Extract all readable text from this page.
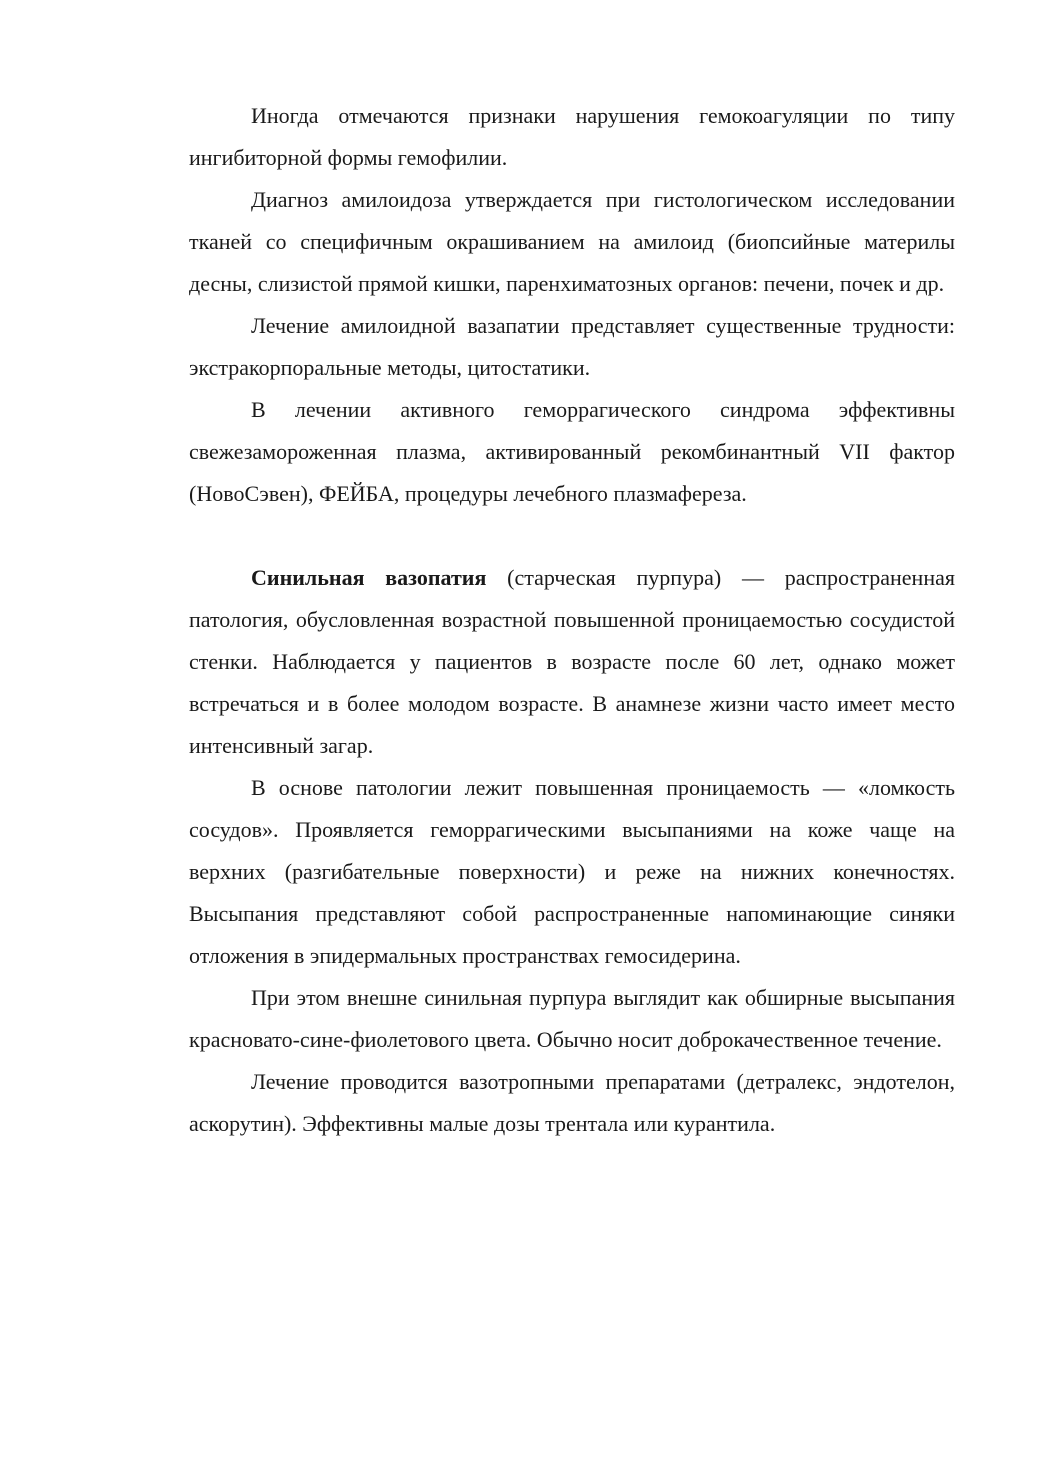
Иногда отмечаются признаки нарушения гемокоагуляции по типу ингибиторной формы гемофилии.

Диагноз амилоидоза утверждается при гистологическом исследовании тканей со специфичным окрашиванием на амилоид (биопсийные материлы десны, слизистой прямой кишки, паренхиматозных органов: печени, почек и др.

Лечение амилоидной вазапатии представляет существенные трудности: экстракорпоральные методы, цитостатики.

В лечении активного геморрагического синдрома эффективны свежезамороженная плазма, активированный рекомбинантный VII фактор (НовоСэвен), ФЕЙБА, процедуры лечебного плазмафереза.

Синильная вазопатия (старческая пурпура) — распространенная патология, обусловленная возрастной повышенной проницаемостью сосудистой стенки. Наблюдается у пациентов в возрасте после 60 лет, однако может встречаться и в более молодом возрасте. В анамнезе жизни часто имеет место интенсивный загар.

В основе патологии лежит повышенная проницаемость — «ломкость сосудов». Проявляется геморрагическими высыпаниями на коже чаще на верхних (разгибательные поверхности) и реже на нижних конечностях. Высыпания представляют собой распространенные напоминающие синяки отложения в эпидермальных пространствах гемосидерина.

При этом внешне синильная пурпура выглядит как обширные высыпания красновато-сине-фиолетового цвета. Обычно носит доброкачественное течение.

Лечение проводится вазотропными препаратами (детралекс, эндотелон, аскорутин). Эффективны малые дозы трентала или курантила.
